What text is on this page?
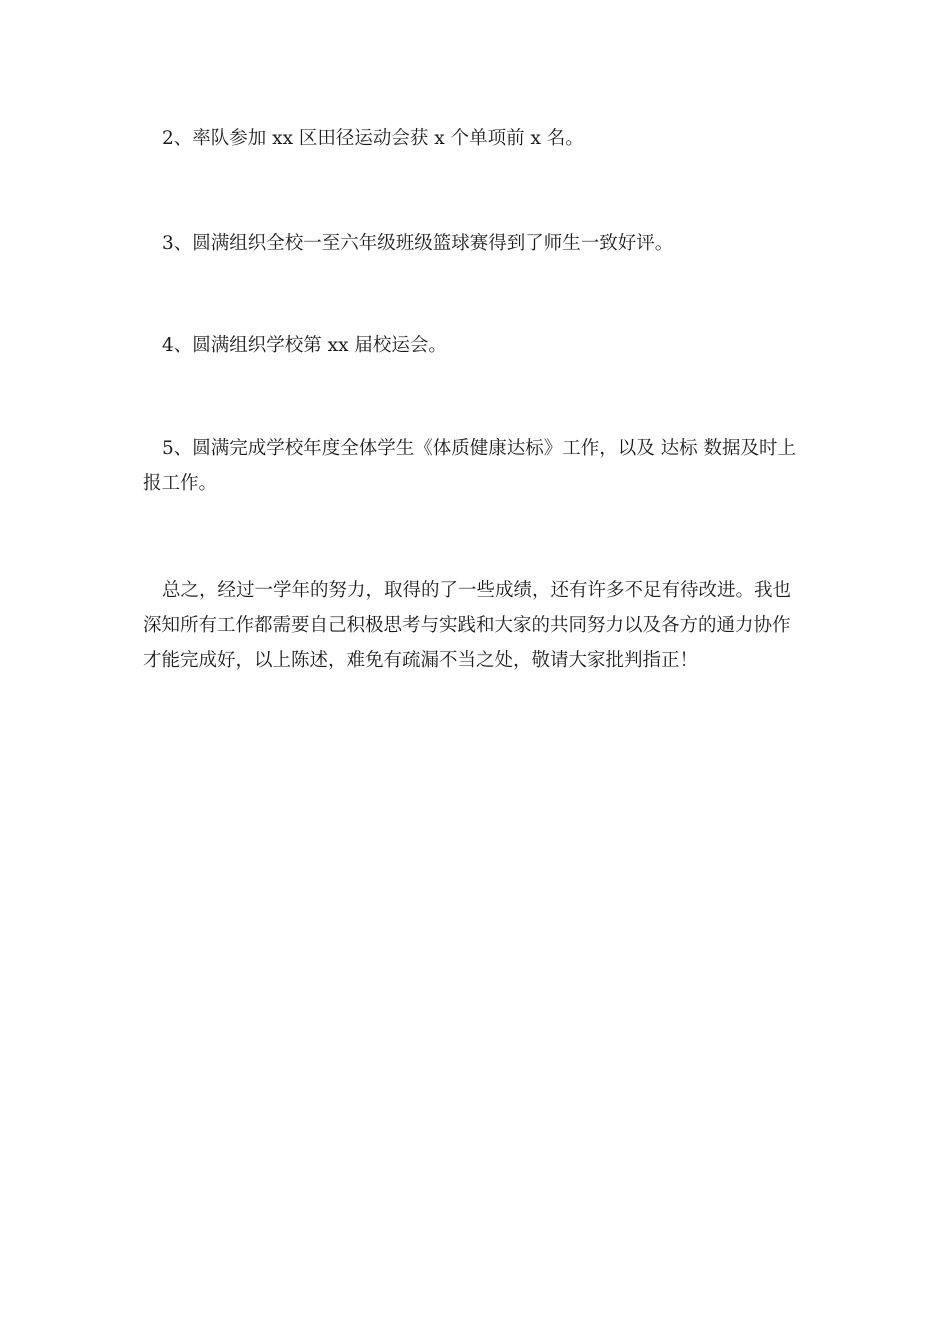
2、率队参加 xx 区田径运动会获 x 个单项前 x 名。

3、圆满组织全校一至六年级班级篮球赛得到了师生一致好评。

4、圆满组织学校第 xx 届校运会。

5、圆满完成学校年度全体学生《体质健康达标》工作，以及 达标 数据及时上报工作。

总之，经过一学年的努力，取得的了一些成绩，还有许多不足有待改进。我也深知所有工作都需要自己积极思考与实践和大家的共同努力以及各方的通力协作才能完成好，以上陈述，难免有疏漏不当之处，敬请大家批判指正！
